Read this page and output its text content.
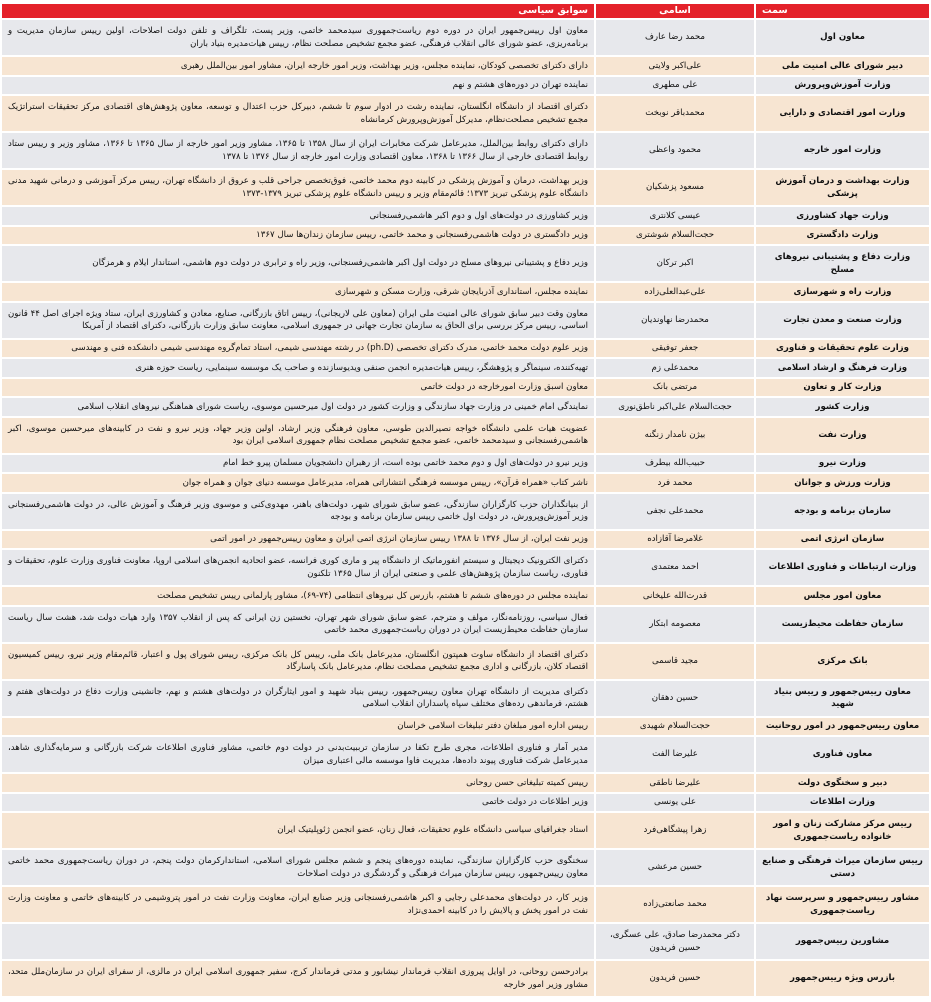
سمت	اسامی	سوابق سیاسی
معاون اول	محمد رضا عارف	معاون اول رییس‌جمهور ایران در دوره دوم ریاست‌جمهوری سیدمحمد خاتمی، وزیر پست، تلگراف و تلفن دولت اصلاحات، اولین رییس سازمان مدیریت و برنامه‌ریزی، عضو شورای عالی انقلاب فرهنگی، عضو مجمع تشخیص مصلحت نظام، رییس هیات‌مدیره بنیاد باران
دبیر شورای عالی امنیت ملی	علی‌اکبر ولایتی	دارای دکترای تخصصی کودکان، نماینده مجلس، وزیر بهداشت، وزیر امور خارجه ایران، مشاور امور بین‌الملل رهبری
وزارت آموزش‌وپرورش	علی مطهری	نماینده تهران در دوره‌های هشتم و نهم
وزارت امور اقتصادی و دارایی	محمدباقر نوبخت	دکترای اقتصاد از دانشگاه انگلستان، نماینده رشت در ادوار سوم تا ششم، دبیرکل حزب اعتدال و توسعه، معاون پژوهش‌های اقتصادی مرکز تحقیقات استراتژیک مجمع تشخیص مصلحت‌نظام، مدیرکل آموزش‌وپرورش کرمانشاه
وزارت امور خارجه	محمود واعظی	دارای دکترای روابط بین‌الملل، مدیرعامل شرکت مخابرات ایران از سال ۱۳۵۸ تا ۱۳۶۵، مشاور وزیر امور خارجه از سال ۱۳۶۵ تا ۱۳۶۶، مشاور وزیر و رییس ستاد روابط اقتصادی خارجی از سال ۱۳۶۶ تا ۱۳۶۸، معاون اقتصادی وزارت امور خارجه از سال ۱۳۷۶ تا ۱۳۷۸
وزارت بهداشت و درمان آموزش پزشکی	مسعود پزشکیان	وزیر بهداشت، درمان و آموزش پزشکی در کابینه دوم محمد خاتمی، فوق‌تخصص جراحی قلب و عروق از دانشگاه تهران، رییس مرکز آموزشی و درمانی شهید مدنی دانشگاه علوم پزشکی تبریز ۱۳۷۳؛ قائم‌مقام وزیر و رییس دانشگاه علوم پزشکی تبریز ۱۳۷۹-۱۳۷۳
وزارت جهاد کشاورزی	عیسی کلانتری	وزیر کشاورزی در دولت‌های اول و دوم اکبر هاشمی‌رفسنجانی
وزارت دادگستری	حجت‌السلام شوشتری	وزیر دادگستری در دولت هاشمی‌رفسنجانی و محمد خاتمی، رییس سازمان زندان‌ها سال ۱۳۶۷
وزارت دفاع و پشتیبانی نیروهای مسلح	اکبر ترکان	وزیر دفاع و پشتیبانی نیروهای مسلح در دولت اول اکبر هاشمی‌رفسنجانی، وزیر راه و ترابری در دولت دوم هاشمی، استاندار ایلام و هرمزگان
وزارت راه و شهرسازی	علی‌عبدالعلی‌زاده	نماینده مجلس، استانداری آذربایجان شرقی، وزارت مسکن و شهرسازی
وزارت صنعت و معدن تجارت	محمدرضا نهاوندیان	معاون وقت دبیر سابق شورای عالی امنیت ملی ایران (معاون علی لاریجانی)، رییس اتاق بازرگانی، صنایع، معادن و کشاورزی ایران، ستاد ویژه اجرای اصل ۴۴ قانون اساسی، رییس مرکز بررسی برای الحاق به سازمان تجارت جهانی در جمهوری اسلامی، معاونت سابق وزارت بازرگانی، دکترای اقتصاد از آمریکا
وزارت علوم تحقیقات و فناوری	جعفر توفیقی	وزیر علوم دولت محمد خاتمی، مدرک دکترای تخصصی (ph.D) در رشته مهندسی شیمی، استاد تمام‌گروه مهندسی شیمی دانشکده فنی و مهندسی
وزارت فرهنگ و ارشاد اسلامی	محمدعلی زم	تهیه‌کننده، سینماگر و پژوهشگر، رییس هیات‌مدیره انجمن صنفی ویدیوسازنده و صاحب یک موسسه سینمایی، ریاست حوزه هنری
وزارت کار و تعاون	مرتضی بانک	معاون اسبق وزارت امورخارجه در دولت خاتمی
وزارت کشور	حجت‌السلام علی‌اکبر ناطق‌نوری	نمایندگی امام خمینی در وزارت جهاد سازندگی و وزارت کشور در دولت اول میرحسین موسوی، ریاست شورای هماهنگی نیروهای انقلاب اسلامی
وزارت نفت	بیژن نامدار زنگنه	عضویت هیات علمی دانشگاه خواجه نصیرالدین طوسی، معاون فرهنگی وزیر ارشاد، اولین وزیر جهاد، وزیر نیرو و نفت در کابینه‌های میرحسین موسوی، اکبر هاشمی‌رفسنجانی و سیدمحمد خاتمی، عضو مجمع تشخیص مصلحت نظام جمهوری اسلامی ایران بود
وزارت نیرو	حبیب‌الله بیطرف	وزیر نیرو در دولت‌های اول و دوم محمد خاتمی بوده است، از رهبران دانشجویان مسلمان پیرو خط امام
وزارت ورزش و جوانان	محمد فرد	ناشر کتاب «همراه قرآن»، رییس موسسه فرهنگی انتشاراتی همراه، مدیرعامل موسسه دنیای جوان و همراه جوان
سازمان برنامه و بودجه	محمدعلی نجفی	از بنیانگذاران حزب کارگزاران سازندگی، عضو سابق شورای شهر، دولت‌های باهنر، مهدوی‌کنی و موسوی وزیر فرهنگ و آموزش عالی، در دولت هاشمی‌رفسنجانی وزیر آموزش‌وپرورش، در دولت اول خاتمی رییس سازمان برنامه و بودجه
سازمان انرژی اتمی	غلامرضا آقازاده	وزیر نفت ایران، از سال ۱۳۷۶ تا ۱۳۸۸ رییس سازمان انرژی اتمی ایران و معاون رییس‌جمهور در امور اتمی
وزارت ارتباطات و فناوری اطلاعات	احمد معتمدی	دکترای الکترونیک دیجیتال و سیستم انفورماتیک از دانشگاه پیر و ماری کوری فرانسه، عضو اتحادیه انجمن‌های اسلامی اروپا، معاونت فناوری وزارت علوم، تحقیقات و فناوری، ریاست سازمان پژوهش‌های علمی و صنعتی ایران از سال ۱۳۶۵ تلکنون
معاون امور مجلس	قدرت‌الله علیخانی	نماینده مجلس در دوره‌های ششم تا هشتم، بازرس کل نیروهای انتظامی (۷۴-۶۹)، مشاور پارلمانی رییس تشخیص مصلحت
سازمان حفاظت محیط‌زیست	معصومه ابتکار	فعال سیاسی، روزنامه‌نگار، مولف و مترجم، عضو سابق شورای شهر تهران، نخستین زن ایرانی که پس از انقلاب ۱۳۵۷ وارد هیات دولت شد، هشت سال ریاست سازمان حفاظت محیط‌زیست ایران در دوران ریاست‌جمهوری محمد خاتمی
بانک مرکزی	مجید قاسمی	دکترای اقتصاد از دانشگاه ساوت همپتون انگلستان، مدیرعامل بانک ملی، رییس کل بانک مرکزی، رییس شورای پول و اعتبار، قائم‌مقام وزیر نیرو، رییس کمیسیون اقتصاد کلان، بازرگانی و اداری مجمع تشخیص مصلحت نظام، مدیرعامل بانک پاسارگاد
معاون رییس‌جمهور و رییس بنیاد شهید	حسین دهقان	دکترای مدیریت از دانشگاه تهران معاون رییس‌جمهور، رییس بنیاد شهید و امور ایثارگران در دولت‌های هشتم و نهم، جانشینی وزارت دفاع در دولت‌های هفتم و هشتم، فرماندهی رده‌های مختلف سپاه پاسداران انقلاب اسلامی
معاون رییس‌جمهور در امور روحانیت	حجت‌السلام شهیدی	رییس اداره امور مبلغان دفتر تبلیغات اسلامی خراسان
معاون فناوری	علیرضا الفت	مدیر آمار و فناوری اطلاعات، مجری طرح تکفا در سازمان ترببیت‌بدنی در دولت دوم خاتمی، مشاور فناوری اطلاعات شرکت بازرگانی و سرمایه‌گذاری شاهد، مدیرعامل شرکت فناوری پیوند داده‌ها، مدیریت فاوا موسسه مالی اعتباری میزان
دبیر و سخنگوی دولت	علیرضا ناطقی	رییس کمیته تبلیغاتی حسن روحانی
وزارت اطلاعات	علی یونسی	وزیر اطلاعات در دولت خاتمی
رییس مرکز مشارکت زنان و امور خانواده ریاست‌جمهوری	زهرا پیشگاهی‌فرد	استاد جغرافیای سیاسی دانشگاه علوم تحقیقات، فعال زنان، عضو انجمن ژئوپلیتیک ایران
رییس سازمان میراث فرهنگی و صنایع دستی	حسین مرعشی	سخنگوی حزب کارگزاران سازندگی، نماینده دوره‌های پنجم و ششم مجلس شورای اسلامی، استاندارکرمان دولت پنجم، در دوران ریاست‌جمهوری محمد خاتمی معاون رییس‌جمهور، رییس سازمان میراث فرهنگی و گردشگری در دولت اصلاحات
مشاور رییس‌جمهور و سرپرست نهاد ریاست‌جمهوری	محمد صانعتی‌زاده	وزیر کار، در دولت‌های محمدعلی رجایی و اکبر هاشمی‌رفسنجانی وزیر صنایع ایران، معاونت وزارت نفت در امور پتروشیمی در کابینه‌های خاتمی و معاونت وزارت نفت در امور پخش و پالایش را در کابینه احمدی‌نژاد
مشاورین رییس‌جمهور	دکتر محمدرضا صادق، علی عسگری، حسین فریدون	
بازرس ویژه رییس‌جمهور	حسین فریدون	برادرحسن روحانی، در اوایل پیروزی انقلاب فرماندار نیشابور و مدتی فرماندار کرج، سفیر جمهوری اسلامی ایران در مالزی، از سفرای ایران در سازمان‌ملل متحد، مشاور وزیر امور خارجه
